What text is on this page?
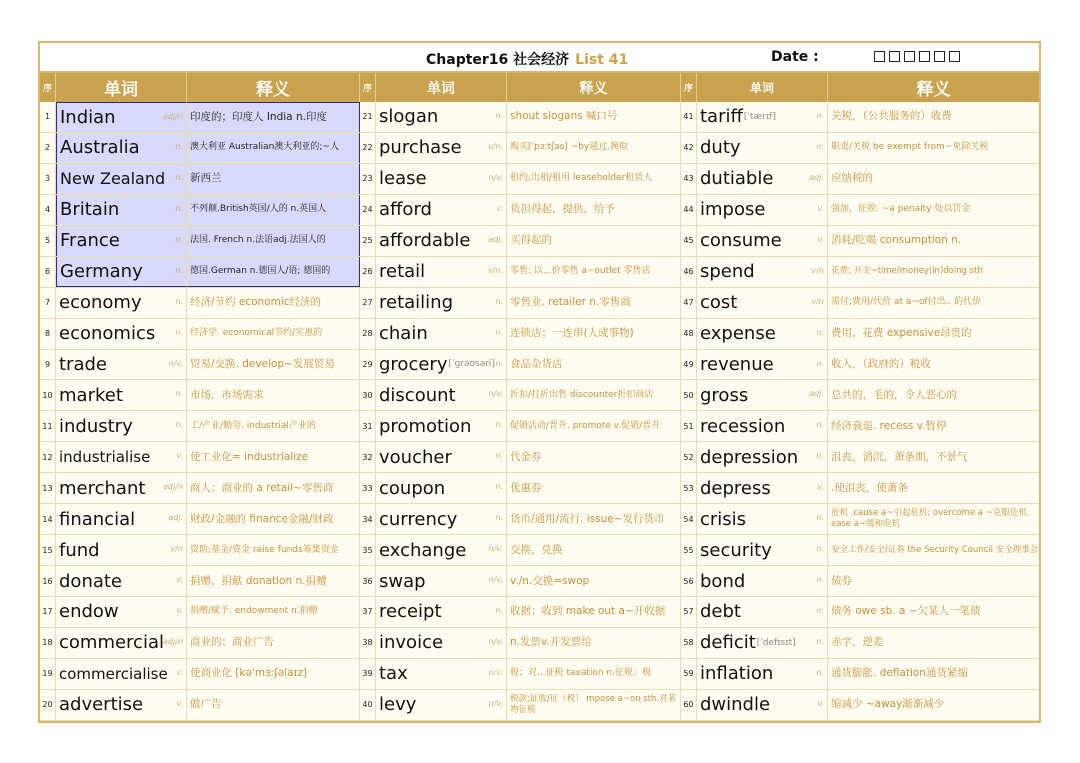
Chapter16 社会经济 List 41	Date :
序	单词	释义	序	单词	释义	序	单词	释义
1 Indian	adj/n 印度的；印度人 India n.印度	21 slogan	n. shout slogans 喊口号	41 tariff [ˈtærɪf]	n. 关税，（公共服务的）收费
2 Australia	n. 澳大利亚 Australian澳大利亚的;~人	22 purchase	v/n. 购买[ˈpɜːtʃəs] ~by通过.换取	42 duty	n. 职责/关税 be exempt from~免除关税
3 New Zealand n. 新西兰	23 lease	n/v. 租约;出租/租用 leaseholder租赁人	43 dutiable	adj. 应纳税的
4 Britain	n. 不列颠.British英国/人的 n.英国人	24 afford	v. 负担得起，提供，给予	44 impose	v. 强加，征收. ~a penalty 处以罚金
5 France	n. 法国. French n.法语adj.法国人的	25 affordable adj. 买得起的	45 consume	v. 消耗/吃喝 consumption n.
6 Germany	n. 德国.German n.德国人/语; 德国的	26 retail	v/n. 零售; 以...价零售 a~outlet 零售店	46 spend	v/n 花费; 开支~time/money(in)doing sth
7 economy	n. 经济/节约 economic经济的	27 retailing	n. 零售业. retailer n.零售商	47 cost	v/n 需付;费用/代价 at a~of付出.. 的代价
8 economics	n. 经济学. economical节约/实惠的	28 chain	n. 连锁店；一连串(人或事物)	48 expense	n. 费用，花费 expensive昂贵的
9 trade	n/v. 贸易/交换. develop~发展贸易	29 grocery [ˈɡrəʊsəri] n. 食品杂货店	49 revenue	n. 收入，（政府的）税收
10 market	n. 市场，市场需求	30 discount	n/v. 折扣/打折出售 discounter折扣商店	50 gross	adj. 总共的，毛的，令人恶心的
11 industry	n. 工/产业/勤劳. industrial产业的	31 promotion	n. 促销活动/晋升. promote v.促销/晋升	51 recession	n. 经济衰退. recess v.暂停
12 industrialise	v. 使工业化= industrialize	32 voucher	n. 代金券	52 depression n. 沮丧，消沉，萧条期，不景气
13 merchant adj/n 商人；商业的 a retail~零售商	33 coupon	n. 优惠券	53 depress	v. .使沮丧，使萧条
14 financial	adj. 财政/金融的 finance金融/财政	34 currency	n. 货币/通用/流行. issue~发行货币	54 crisis	n. 危机 .cause a~引起危机; overcome a ~克服危机. ease a~缓和危机
15 fund	v/n 资助;基金/资金 raise funds筹集资金	35 exchange	n/v. 交换，兑换	55 security	n. 安全工作/安全/证券 the Security Council 安全理事会
16 donate	v. 捐赠，捐献 donation n.捐赠	36 swap	n/v. v./n.交换=swop	56 bond	n. 债券
17 endow	v. 捐赠/赋予. endowment n.捐赠	37 receipt	n. 收据；收到 make out a~开收据	57 debt	n. 债务 owe sb. a ~欠某人一笔债
18 commercial adj/n 商业的；商业广告	38 invoice	n/v. n.发票v.开发票给	58 deficit [ˈdefɪsɪt]	n. 赤字，逆差
19 commercialise v. 使商业化 [kəˈmɜːʃəlaɪz]	39 tax	n/v. 税；对...征税 taxation n.征税；税	59 inflation	n. 通货膨胀. deflation通货紧缩
20 advertise	v. 做广告	40 levy	n/v. 税款;征收/征（税） mpose a~on sth.对某物征税	60 dwindle	v. 缩减少 ~away渐渐减少
